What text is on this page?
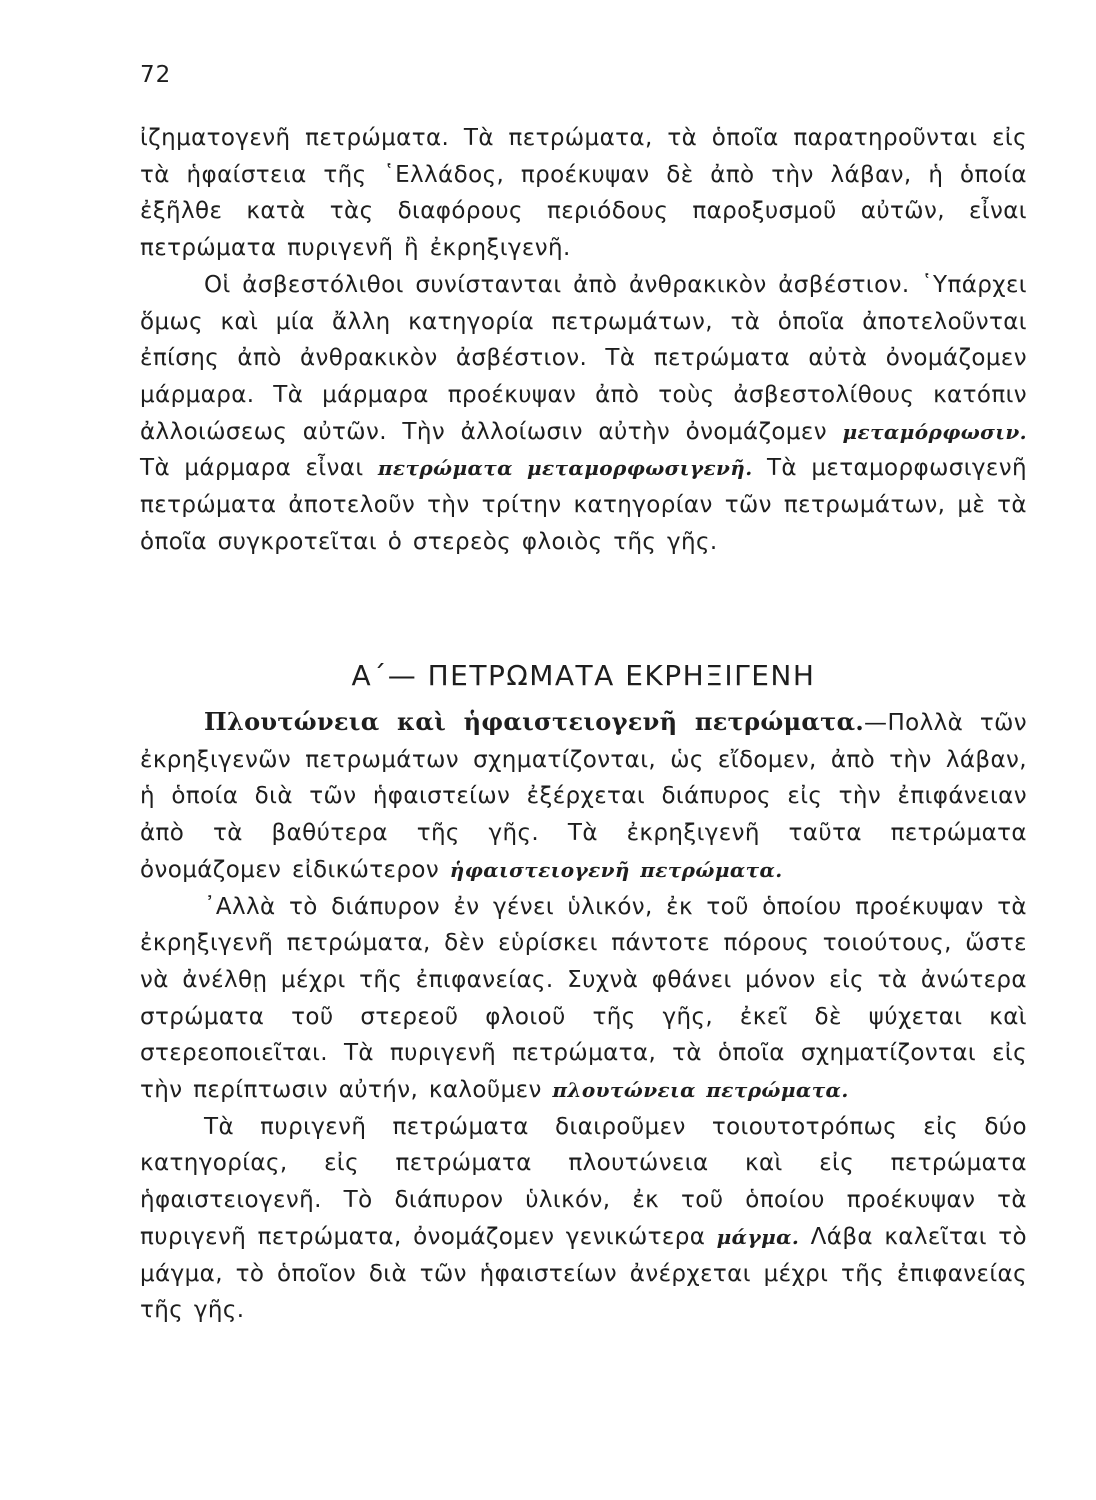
72

ἰζηματογενῆ πετρώματα. Τὰ πετρώματα, τὰ ὁποῖα παρατηροῦνται εἰς τὰ ἡφαίστεια τῆς ῾Ελλάδος, προέκυψαν δὲ ἀπὸ τὴν λάβαν, ἡ ὁποία ἐξῆλθε κατὰ τὰς διαφόρους περιόδους παροξυσμοῦ αὐτῶν, εἶναι πετρώματα πυριγενῆ ἢ ἐκρηξιγενῆ.

Οἱ ἀσβεστόλιθοι συνίστανται ἀπὸ ἀνθρακικὸν ἀσβέστιον. ῾Υπάρχει ὅμως καὶ μία ἄλλη κατηγορία πετρωμάτων, τὰ ὁποῖα ἀποτελοῦνται ἐπίσης ἀπὸ ἀνθρακικὸν ἀσβέστιον. Τὰ πετρώματα αὐτὰ ὀνομάζομεν μάρμαρα. Τὰ μάρμαρα προέκυψαν ἀπὸ τοὺς ἀσβεστολίθους κατόπιν ἀλλοιώσεως αὐτῶν. Τὴν ἀλλοίωσιν αὐτὴν ὀνομάζομεν μεταμόρφωσιν. Τὰ μάρμαρα εἶναι πετρώματα μεταμορφωσιγενῆ. Τὰ μεταμορφωσιγενῆ πετρώματα ἀποτελοῦν τὴν τρίτην κατηγορίαν τῶν πετρωμάτων, μὲ τὰ ὁποῖα συγκροτεῖται ὁ στερεὸς φλοιὸς τῆς γῆς.

Α΄— ΠΕΤΡΩΜΑΤΑ ΕΚΡΗΞΙΓΕΝΗ

Πλουτώνεια καὶ ἡφαιστειογενῆ πετρώματα.—Πολλὰ τῶν ἐκρηξιγενῶν πετρωμάτων σχηματίζονται, ὡς εἴδομεν, ἀπὸ τὴν λάβαν, ἡ ὁποία διὰ τῶν ἡφαιστείων ἐξέρχεται διάπυρος εἰς τὴν ἐπιφάνειαν ἀπὸ τὰ βαθύτερα τῆς γῆς. Τὰ ἐκρηξιγενῆ ταῦτα πετρώματα ὀνομάζομεν εἰδικώτερον ἡφαιστειογενῆ πετρώματα.

᾿Αλλὰ τὸ διάπυρον ἐν γένει ὑλικόν, ἐκ τοῦ ὁποίου προέκυψαν τὰ ἐκρηξιγενῆ πετρώματα, δὲν εὑρίσκει πάντοτε πόρους τοιούτους, ὥστε νὰ ἀνέλθῃ μέχρι τῆς ἐπιφανείας. Συχνὰ φθάνει μόνον εἰς τὰ ἀνώτερα στρώματα τοῦ στερεοῦ φλοιοῦ τῆς γῆς, ἐκεῖ δὲ ψύχεται καὶ στερεοποιεῖται. Τὰ πυριγενῆ πετρώματα, τὰ ὁποῖα σχηματίζονται εἰς τὴν περίπτωσιν αὐτήν, καλοῦμεν πλουτώνεια πετρώματα.

Τὰ πυριγενῆ πετρώματα διαιροῦμεν τοιουτοτρόπως εἰς δύο κατηγορίας, εἰς πετρώματα πλουτώνεια καὶ εἰς πετρώματα ἡφαιστειογενῆ. Τὸ διάπυρον ὑλικόν, ἐκ τοῦ ὁποίου προέκυψαν τὰ πυριγενῆ πετρώματα, ὀνομάζομεν γενικώτερα μάγμα. Λάβα καλεῖται τὸ μάγμα, τὸ ὁποῖον διὰ τῶν ἡφαιστείων ἀνέρχεται μέχρι τῆς ἐπιφανείας τῆς γῆς.
